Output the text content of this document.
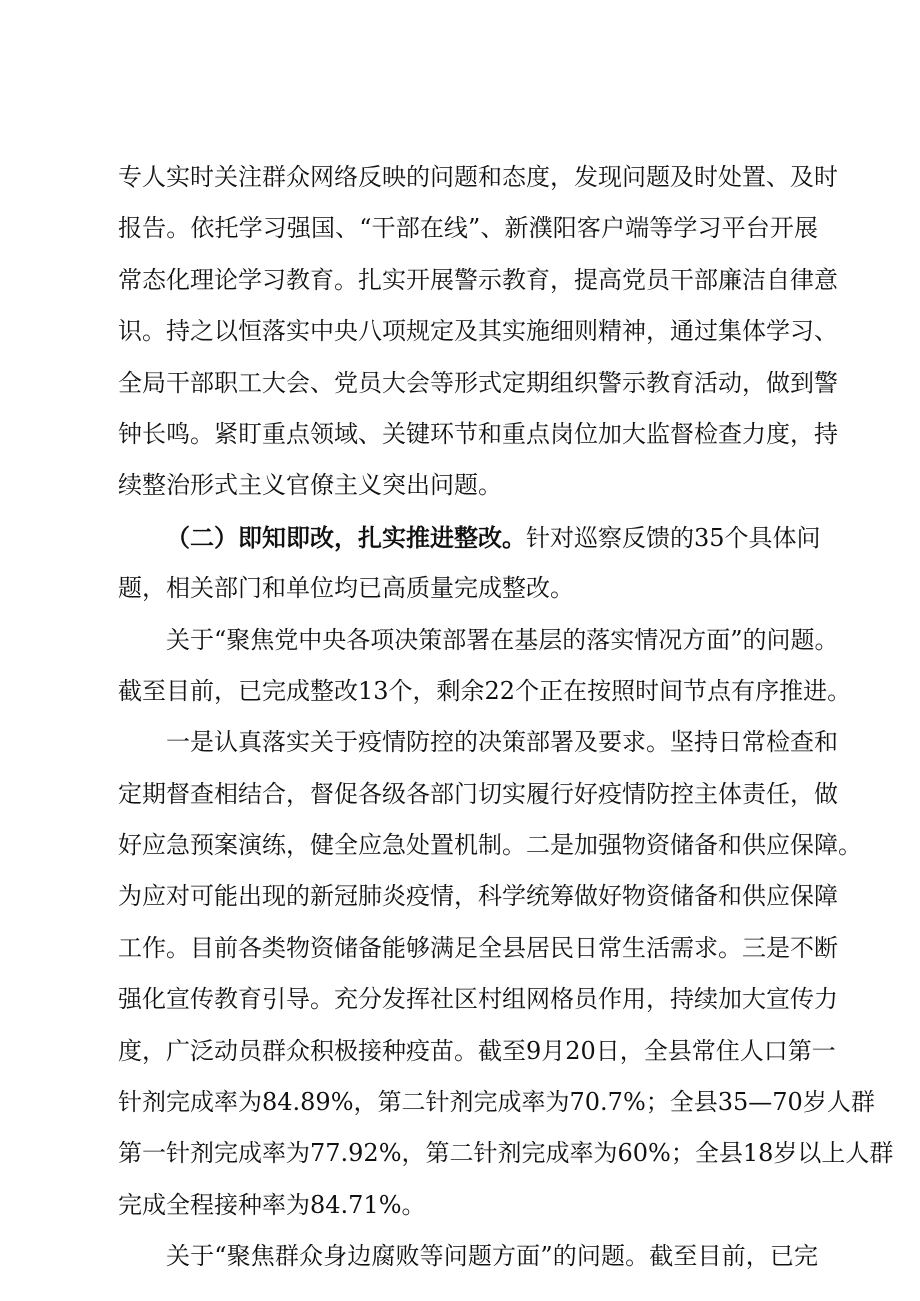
专人实时关注群众网络反映的问题和态度，发现问题及时处置、及时
报告。依托学习强国、“干部在线”、新濮阳客户端等学习平台开展
常态化理论学习教育。扎实开展警示教育，提高党员干部廉洁自律意
识。持之以恒落实中央八项规定及其实施细则精神，通过集体学习、
全局干部职工大会、党员大会等形式定期组织警示教育活动，做到警
钟长鸣。紧盯重点领域、关键环节和重点岗位加大监督检查力度，持
续整治形式主义官僚主义突出问题。
（二）即知即改，扎实推进整改。针对巡察反馈的35个具体问
题，相关部门和单位均已高质量完成整改。
关于“聚焦党中央各项决策部署在基层的落实情况方面”的问题。
截至目前，已完成整改13个，剩余22个正在按照时间节点有序推进。
一是认真落实关于疫情防控的决策部署及要求。坚持日常检查和
定期督查相结合，督促各级各部门切实履行好疫情防控主体责任，做
好应急预案演练，健全应急处置机制。二是加强物资储备和供应保障。
为应对可能出现的新冠肺炎疫情，科学统筹做好物资储备和供应保障
工作。目前各类物资储备能够满足全县居民日常生活需求。三是不断
强化宣传教育引导。充分发挥社区村组网格员作用，持续加大宣传力
度，广泛动员群众积极接种疫苗。截至9月20日，全县常住人口第一
针剂完成率为84.89%，第二针剂完成率为70.7%；全县35—70岁人群
第一针剂完成率为77.92%，第二针剂完成率为60%；全县18岁以上人群
完成全程接种率为84.71%。
关于“聚焦群众身边腐败等问题方面”的问题。截至目前，已完
